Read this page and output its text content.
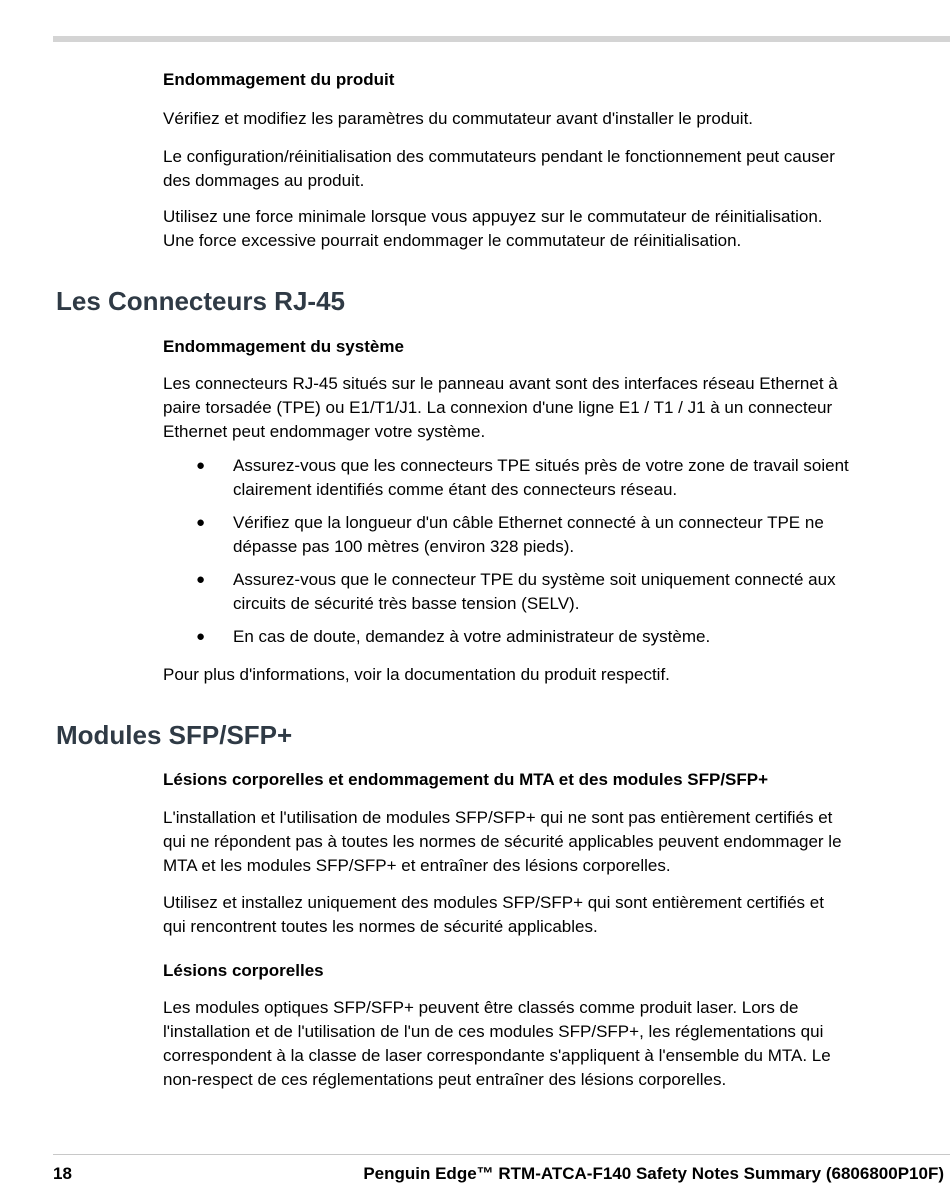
Endommagement du produit
Vérifiez et modifiez les paramètres du commutateur avant d'installer le produit.
Le configuration/réinitialisation des commutateurs pendant le fonctionnement peut causer
des dommages au produit.
Utilisez une force minimale lorsque vous appuyez sur le commutateur de réinitialisation.
Une force excessive pourrait endommager le commutateur de réinitialisation.
Les Connecteurs RJ-45
Endommagement du système
Les connecteurs RJ-45 situés sur le panneau avant sont des interfaces réseau Ethernet à
paire torsadée (TPE) ou E1/T1/J1. La connexion d'une ligne E1 / T1 / J1 à un connecteur
Ethernet peut endommager votre système.
● Assurez-vous que les connecteurs TPE situés près de votre zone de travail soient
clairement identifiés comme étant des connecteurs réseau.
● Vérifiez que la longueur d'un câble Ethernet connecté à un connecteur TPE ne
dépasse pas 100 mètres (environ 328 pieds).
● Assurez-vous que le connecteur TPE du système soit uniquement connecté aux
circuits de sécurité très basse tension (SELV).
● En cas de doute, demandez à votre administrateur de système.
Pour plus d'informations, voir la documentation du produit respectif.
Modules SFP/SFP+
Lésions corporelles et endommagement du MTA et des modules SFP/SFP+
L'installation et l'utilisation de modules SFP/SFP+ qui ne sont pas entièrement certifiés et
qui ne répondent pas à toutes les normes de sécurité applicables peuvent endommager le
MTA et les modules SFP/SFP+ et entraîner des lésions corporelles.
Utilisez et installez uniquement des modules SFP/SFP+ qui sont entièrement certifiés et
qui rencontrent toutes les normes de sécurité applicables.
Lésions corporelles
Les modules optiques SFP/SFP+ peuvent être classés comme produit laser. Lors de
l'installation et de l'utilisation de l'un de ces modules SFP/SFP+, les réglementations qui
correspondent à la classe de laser correspondante s'appliquent à l'ensemble du MTA. Le
non-respect de ces réglementations peut entraîner des lésions corporelles.
18	Penguin Edge™ RTM-ATCA-F140 Safety Notes Summary (6806800P10F)
